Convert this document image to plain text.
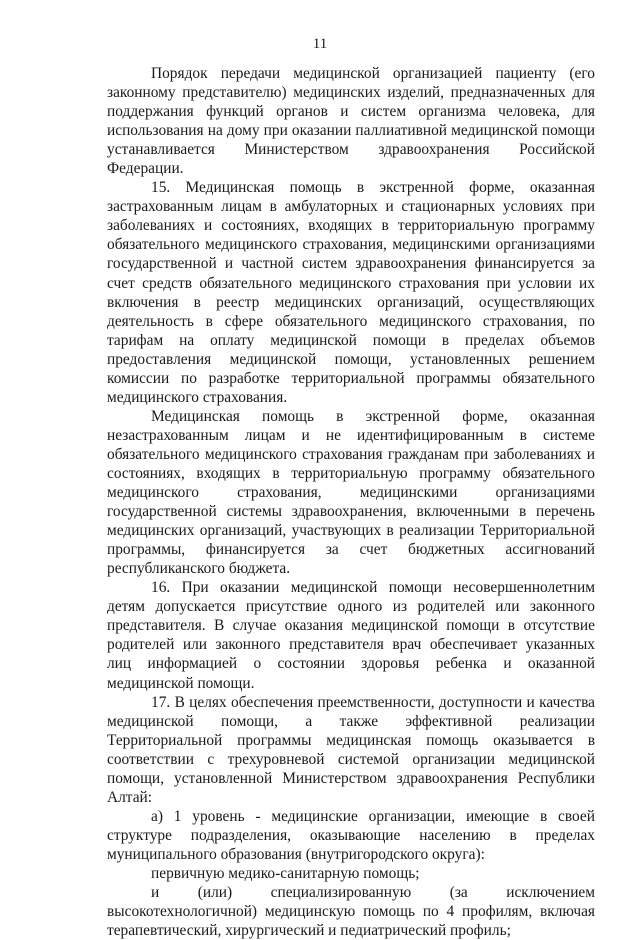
11

Порядок передачи медицинской организацией пациенту (его законному представителю) медицинских изделий, предназначенных для поддержания функций органов и систем организма человека, для использования на дому при оказании паллиативной медицинской помощи устанавливается Министерством здравоохранения Российской Федерации.

15. Медицинская помощь в экстренной форме, оказанная застрахованным лицам в амбулаторных и стационарных условиях при заболеваниях и состояниях, входящих в территориальную программу обязательного медицинского страхования, медицинскими организациями государственной и частной систем здравоохранения финансируется за счет средств обязательного медицинского страхования при условии их включения в реестр медицинских организаций, осуществляющих деятельность в сфере обязательного медицинского страхования, по тарифам на оплату медицинской помощи в пределах объемов предоставления медицинской помощи, установленных решением комиссии по разработке территориальной программы обязательного медицинского страхования.

Медицинская помощь в экстренной форме, оказанная незастрахованным лицам и не идентифицированным в системе обязательного медицинского страхования гражданам при заболеваниях и состояниях, входящих в территориальную программу обязательного медицинского страхования, медицинскими организациями государственной системы здравоохранения, включенными в перечень медицинских организаций, участвующих в реализации Территориальной программы, финансируется за счет бюджетных ассигнований республиканского бюджета.

16. При оказании медицинской помощи несовершеннолетним детям допускается присутствие одного из родителей или законного представителя. В случае оказания медицинской помощи в отсутствие родителей или законного представителя врач обеспечивает указанных лиц информацией о состоянии здоровья ребенка и оказанной медицинской помощи.

17. В целях обеспечения преемственности, доступности и качества медицинской помощи, а также эффективной реализации Территориальной программы медицинская помощь оказывается в соответствии с трехуровневой системой организации медицинской помощи, установленной Министерством здравоохранения Республики Алтай:

а) 1 уровень - медицинские организации, имеющие в своей структуре подразделения, оказывающие населению в пределах муниципального образования (внутригородского округа):

первичную медико-санитарную помощь;

и (или) специализированную (за исключением высокотехнологичной) медицинскую помощь по 4 профилям, включая терапевтический, хирургический и педиатрический профиль;
